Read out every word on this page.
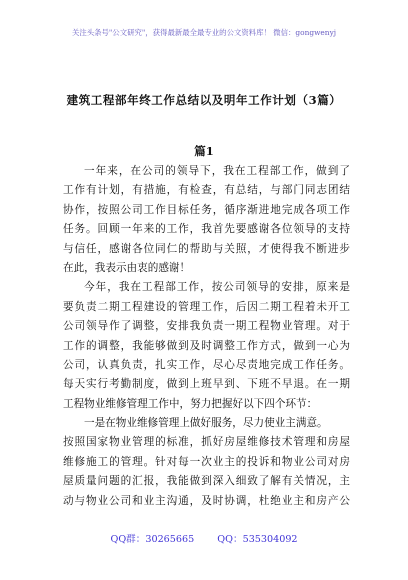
关注头条号"公文研究"，获得最新最全最专业的公文资料库！ 微信：gongwenyj
建筑工程部年终工作总结以及明年工作计划（3篇）
篇1
一年来，在公司的领导下，我在工程部工作，做到了
工作有计划，有措施，有检查，有总结，与部门同志团结
协作，按照公司工作目标任务，循序渐进地完成各项工作
任务。回顾一年来的工作，我首先要感谢各位领导的支持
与信任，感谢各位同仁的帮助与关照，才使得我不断进步
在此，我表示由衷的感谢！
今年，我在工程部工作，按公司领导的安排，原来是
要负责二期工程建设的管理工作，后因二期工程着未开工
公司领导作了调整，安排我负责一期工程物业管理。对于
工作的调整，我能够做到及时调整工作方式，做到一心为
公司，认真负责，扎实工作，尽心尽责地完成工作任务。
每天实行考勤制度，做到上班早到、下班不早退。在一期
工程物业维修管理工作中，努力把握好以下四个环节：
一是在物业维修管理上做好服务，尽力使业主满意。
按照国家物业管理的标准，抓好房屋维修技术管理和房屋
维修施工的管理。针对每一次业主的投诉和物业公司对房
屋质量问题的汇报，我能做到深入细致了解有关情况，主
动与物业公司和业主沟通，及时协调，杜绝业主和房产公
QQ群：30265665 QQ：535304092
